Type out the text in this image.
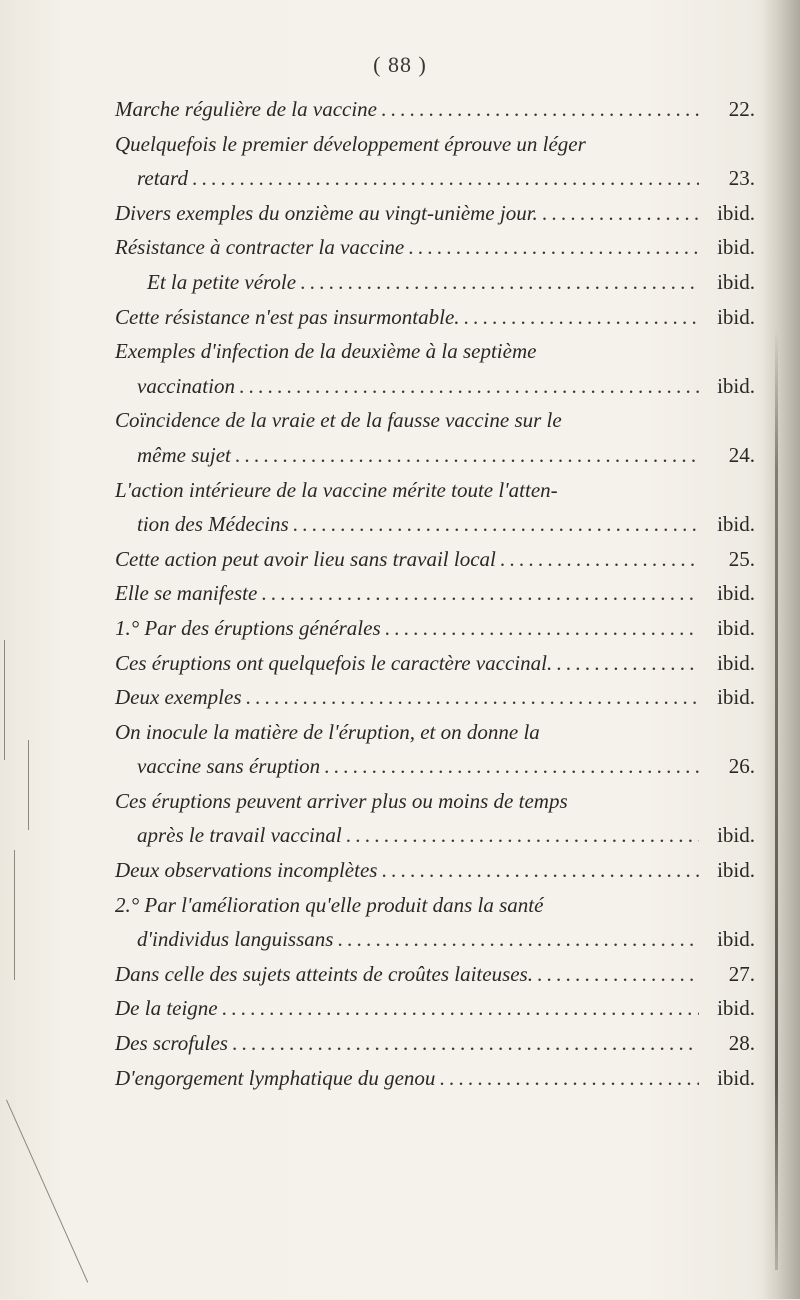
( 88 )
Marche régulière de la vaccine . . .	22.
Quelquefois le premier développement éprouve un léger
retard . . .	23.
Divers exemples du onzième au vingt-unième jour. . . .	ibid.
Résistance à contracter la vaccine . . .	ibid.
Et la petite vérole . . .	ibid.
Cette résistance n'est pas insurmontable. . . .	ibid.
Exemples d'infection de la deuxième à la septième
vaccination . . .	ibid.
Coïncidence de la vraie et de la fausse vaccine sur le
même sujet . . .	24.
L'action intérieure de la vaccine mérite toute l'atten-
tion des Médecins . . .	ibid.
Cette action peut avoir lieu sans travail local . . .	25.
Elle se manifeste . . .	ibid.
1.° Par des éruptions générales . . .	ibid.
Ces éruptions ont quelquefois le caractère vaccinal. . . .	ibid.
Deux exemples . . .	ibid.
On inocule la matière de l'éruption, et on donne la
vaccine sans éruption . . .	26.
Ces éruptions peuvent arriver plus ou moins de temps
après le travail vaccinal . . .	ibid.
Deux observations incomplètes . . .	ibid.
2.° Par l'amélioration qu'elle produit dans la santé
d'individus languissans . . .	ibid.
Dans celle des sujets atteints de croûtes laiteuses. . . .	27.
De la teigne . . .	ibid.
Des scrofules . . .	28.
D'engorgement lymphatique du genou . . .	ibid.
